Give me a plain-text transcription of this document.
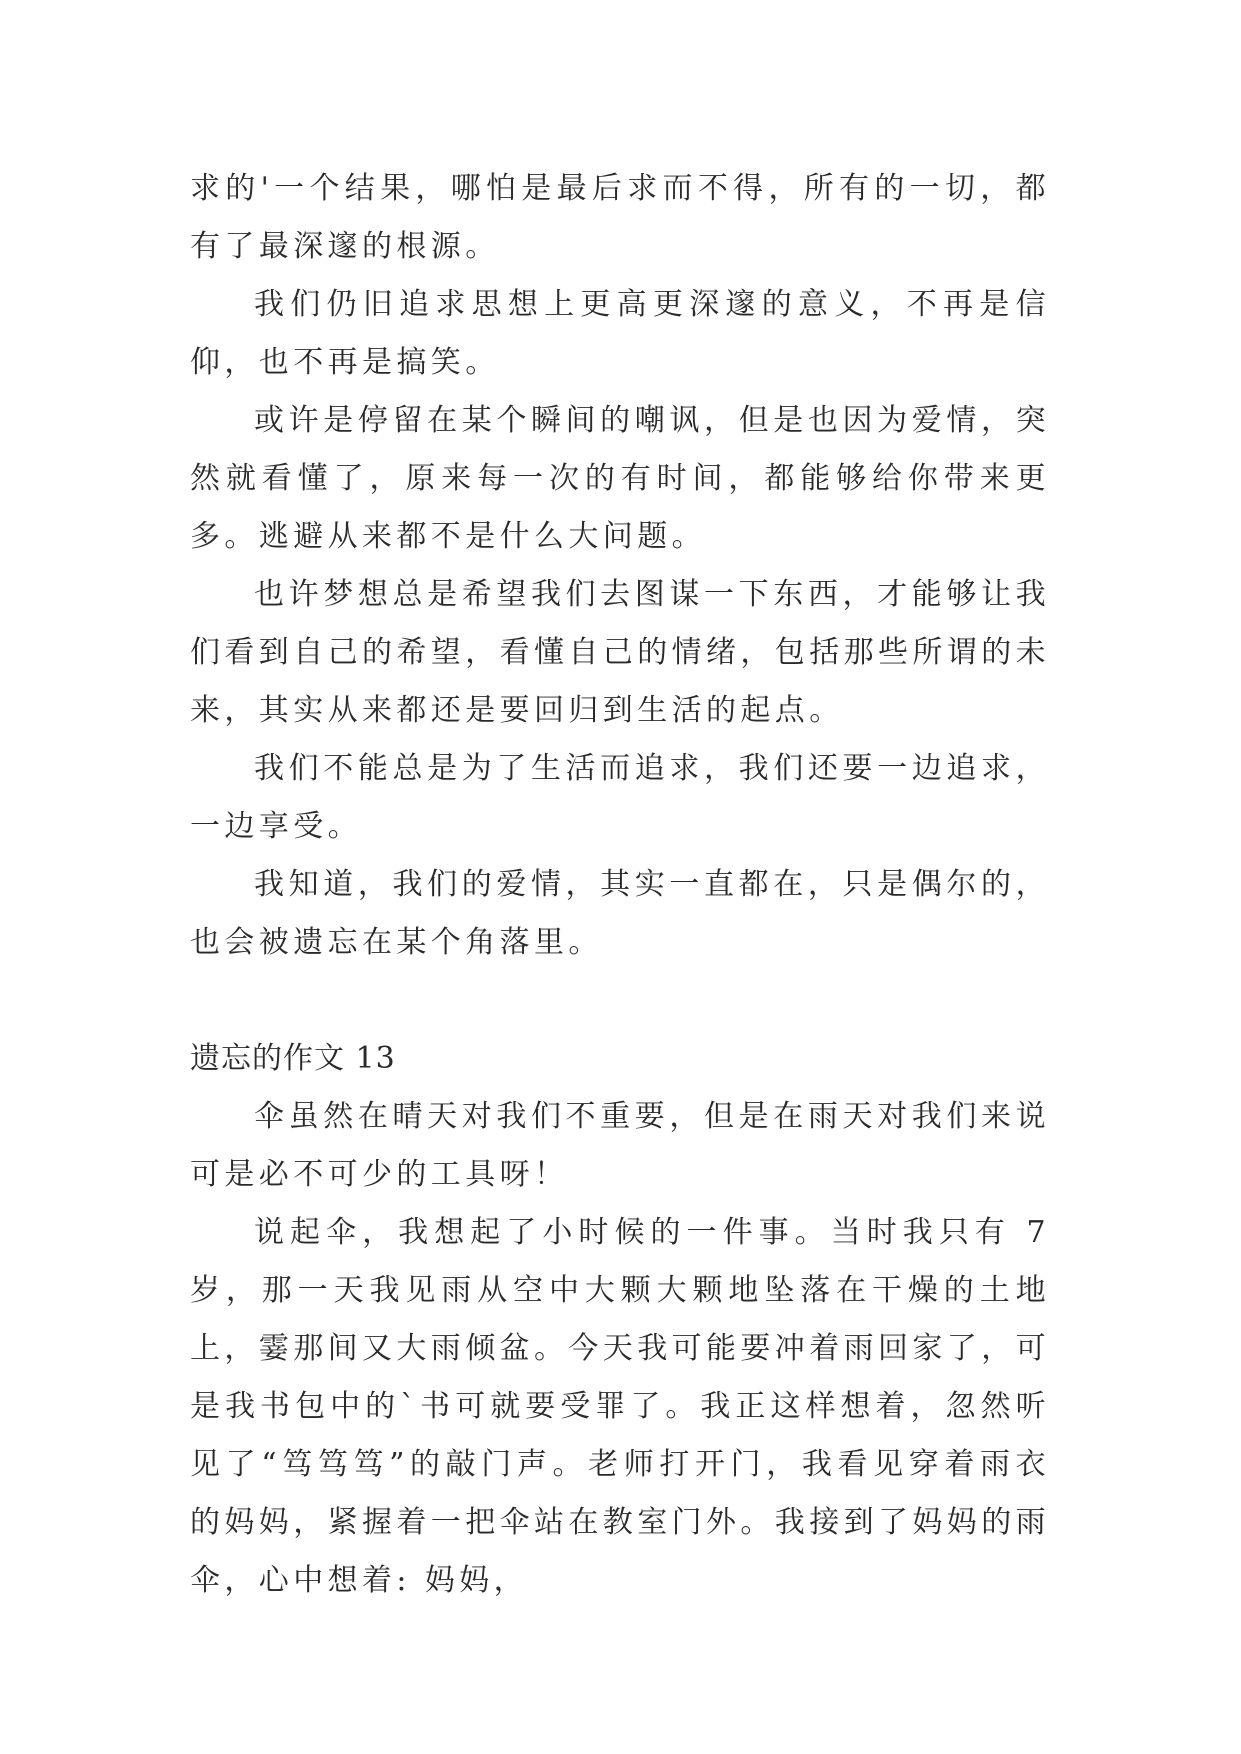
求的'一个结果，哪怕是最后求而不得，所有的一切，都有了最深邃的根源。

我们仍旧追求思想上更高更深邃的意义，不再是信仰，也不再是搞笑。

或许是停留在某个瞬间的嘲讽，但是也因为爱情，突然就看懂了，原来每一次的有时间，都能够给你带来更多。逃避从来都不是什么大问题。

也许梦想总是希望我们去图谋一下东西，才能够让我们看到自己的希望，看懂自己的情绪，包括那些所谓的未来，其实从来都还是要回归到生活的起点。

我们不能总是为了生活而追求，我们还要一边追求，一边享受。

我知道，我们的爱情，其实一直都在，只是偶尔的，也会被遗忘在某个角落里。

遗忘的作文 13

伞虽然在晴天对我们不重要，但是在雨天对我们来说可是必不可少的工具呀！

说起伞，我想起了小时候的一件事。当时我只有 7 岁，那一天我见雨从空中大颗大颗地坠落在干燥的土地上，霎那间又大雨倾盆。今天我可能要冲着雨回家了，可是我书包中的`书可就要受罪了。我正这样想着，忽然听见了“笃笃笃”的敲门声。老师打开门，我看见穿着雨衣的妈妈，紧握着一把伞站在教室门外。我接到了妈妈的雨伞，心中想着: 妈妈，
